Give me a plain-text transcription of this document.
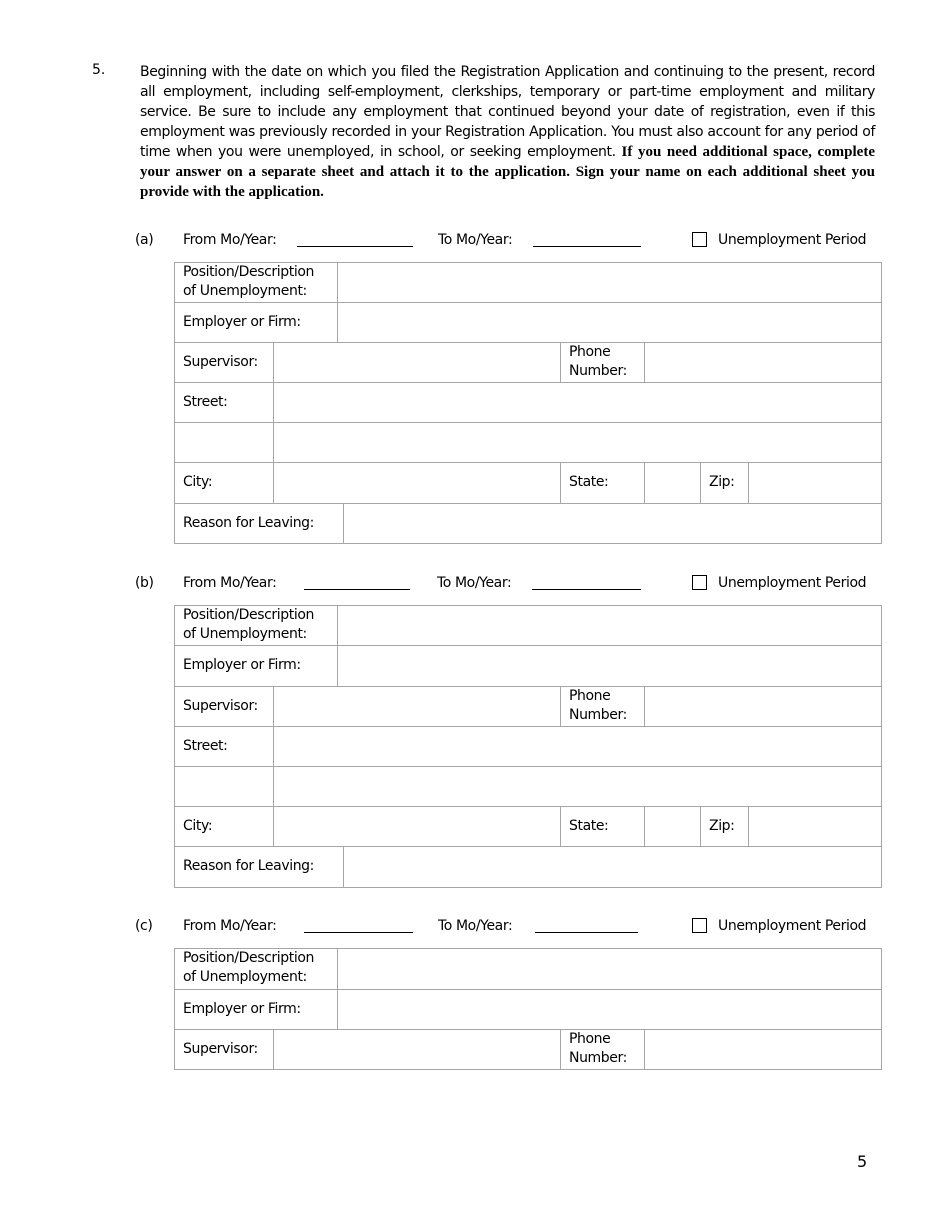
5. Beginning with the date on which you filed the Registration Application and continuing to the present, record all employment, including self-employment, clerkships, temporary or part-time employment and military service. Be sure to include any employment that continued beyond your date of registration, even if this employment was previously recorded in your Registration Application. You must also account for any period of time when you were unemployed, in school, or seeking employment. If you need additional space, complete your answer on a separate sheet and attach it to the application. Sign your name on each additional sheet you provide with the application.
(a) From Mo/Year:	To Mo/Year:	Unemployment Period
Position/Description
of Unemployment:
Employer or Firm:
Supervisor:
Phone
Number:
Street:
City:	State:	Zip:
Reason for Leaving:
(b) From Mo/Year:	To Mo/Year:	Unemployment Period
Position/Description
of Unemployment:
Employer or Firm:
Supervisor:
Phone
Number:
Street:
City:	State:	Zip:
Reason for Leaving:
(c) From Mo/Year:	To Mo/Year:	Unemployment Period
Position/Description
of Unemployment:
Employer or Firm:
Supervisor:
Phone
Number:
5
